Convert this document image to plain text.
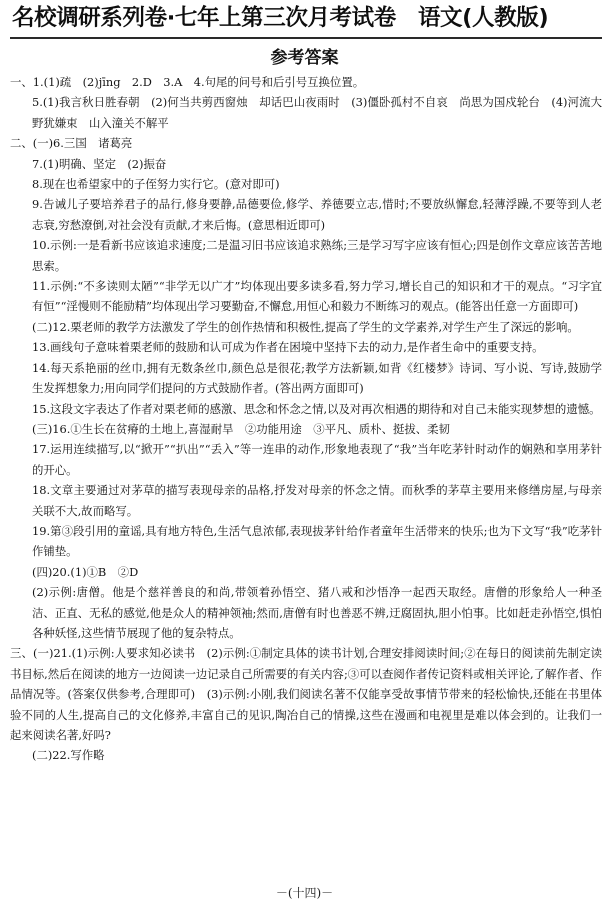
名校调研系列卷·七年上第三次月考试卷　语文(人教版)
参考答案

一、1.(1)疏　(2)jīng　2.D　3.A　4.句尾的问号和后引号互换位置。

5.(1)我言秋日胜春朝　(2)何当共剪西窗烛　却话巴山夜雨时　(3)僵卧孤村不自哀　尚思为国戍轮台　(4)河流大野犹嫌束　山入潼关不解平

二、(一)6.三国　诸葛亮

7.(1)明确、坚定　(2)振奋

8.现在也希望家中的子侄努力实行它。(意对即可)

9.告诫儿子要培养君子的品行,修身要静,品德要俭,修学、养德要立志,惜时;不要放纵懈怠,轻薄浮躁,不要等到人老志衰,穷愁潦倒,对社会没有贡献,才来后悔。(意思相近即可)

10.示例:一是看新书应该追求速度;二是温习旧书应该追求熟练;三是学习写字应该有恒心;四是创作文章应该苦苦地思索。

11.示例:“不多读则太陋”“非学无以广才”均体现出要多读多看,努力学习,增长自己的知识和才干的观点。“习字宜有恒”“淫慢则不能励精”均体现出学习要勤奋,不懈怠,用恒心和毅力不断练习的观点。(能答出任意一方面即可)

(二)12.栗老师的教学方法激发了学生的创作热情和积极性,提高了学生的文学素养,对学生产生了深远的影响。

13.画线句子意味着栗老师的鼓励和认可成为作者在困境中坚持下去的动力,是作者生命中的重要支持。

14.每天系艳丽的丝巾,拥有无数条丝巾,颜色总是很花;教学方法新颖,如背《红楼梦》诗词、写小说、写诗,鼓励学生发挥想象力;用向同学们提问的方式鼓励作者。(答出两方面即可)

15.这段文字表达了作者对栗老师的感激、思念和怀念之情,以及对再次相遇的期待和对自己未能实现梦想的遗憾。

(三)16.①生长在贫瘠的土地上,喜湿耐旱　②功能用途　③平凡、质朴、挺拔、柔韧

17.运用连续描写,以“掀开”“扒出”“丢入”等一连串的动作,形象地表现了“我”当年吃茅针时动作的娴熟和享用茅针的开心。

18.文章主要通过对茅草的描写表现母亲的品格,抒发对母亲的怀念之情。而秋季的茅草主要用来修缮房屋,与母亲关联不大,故而略写。

19.第③段引用的童谣,具有地方特色,生活气息浓郁,表现拔茅针给作者童年生活带来的快乐;也为下文写“我”吃茅针作铺垫。

(四)20.(1)①B　②D

(2)示例:唐僧。他是个慈祥善良的和尚,带领着孙悟空、猪八戒和沙悟净一起西天取经。唐僧的形象给人一种圣洁、正直、无私的感觉,他是众人的精神领袖;然而,唐僧有时也善恶不辨,迂腐固执,胆小怕事。比如赶走孙悟空,惧怕各种妖怪,这些情节展现了他的复杂特点。

三、(一)21.(1)示例:人要求知必读书　(2)示例:①制定具体的读书计划,合理安排阅读时间;②在每日的阅读前先制定读书目标,然后在阅读的地方一边阅读一边记录自己所需要的有关内容;③可以查阅作者传记资料或相关评论,了解作者、作品情况等。(答案仅供参考,合理即可)　(3)示例:小刚,我们阅读名著不仅能享受故事情节带来的轻松愉快,还能在书里体验不同的人生,提高自己的文化修养,丰富自己的见识,陶冶自己的情操,这些在漫画和电视里是难以体会到的。让我们一起来阅读名著,好吗?

(二)22.写作略

－(十四)－
